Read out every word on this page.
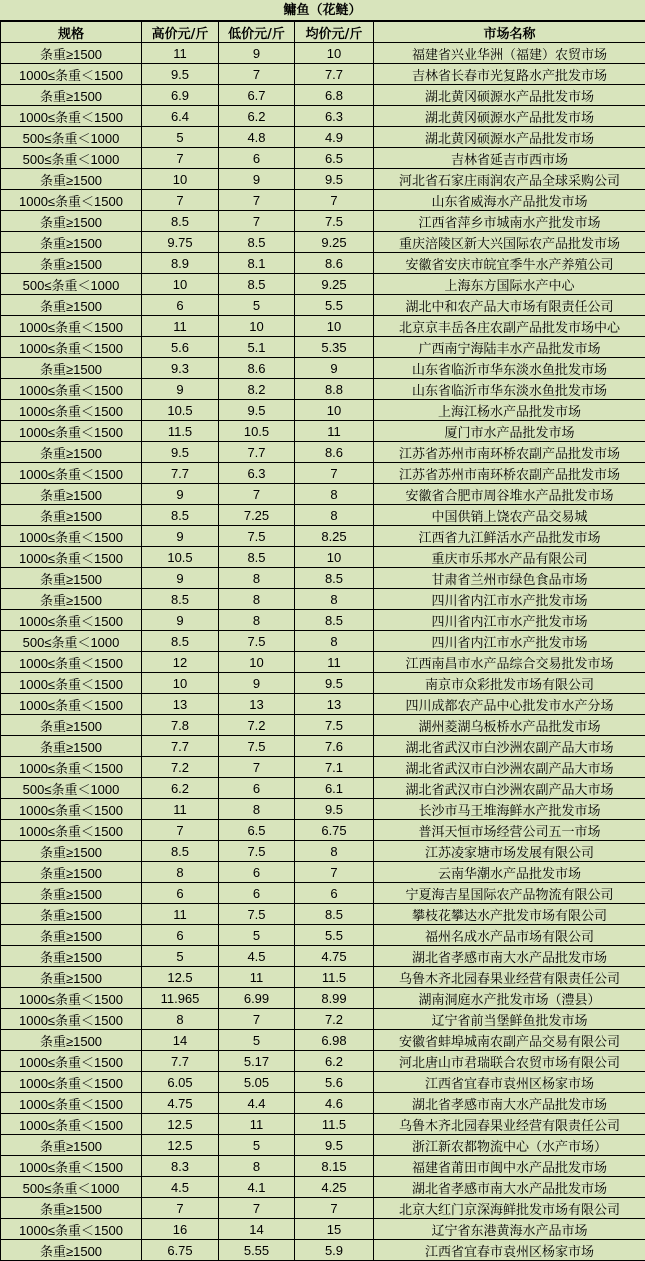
鳙鱼（花鲢）
规格	高价元/斤	低价元/斤	均价元/斤	市场名称
条重≥1500	11	9	10	福建省兴业华洲（福建）农贸市场
1000≤条重＜1500	9.5	7	7.7	吉林省长春市光复路水产批发市场
条重≥1500	6.9	6.7	6.8	湖北黄冈硕源水产品批发市场
1000≤条重＜1500	6.4	6.2	6.3	湖北黄冈硕源水产品批发市场
500≤条重＜1000	5	4.8	4.9	湖北黄冈硕源水产品批发市场
500≤条重＜1000	7	6	6.5	吉林省延吉市西市场
条重≥1500	10	9	9.5	河北省石家庄雨润农产品全球采购公司
1000≤条重＜1500	7	7	7	山东省威海水产品批发市场
条重≥1500	8.5	7	7.5	江西省萍乡市城南水产批发市场
条重≥1500	9.75	8.5	9.25	重庆涪陵区新大兴国际农产品批发市场
条重≥1500	8.9	8.1	8.6	安徽省安庆市皖宜季牛水产养殖公司
500≤条重＜1000	10	8.5	9.25	上海东方国际水产中心
条重≥1500	6	5	5.5	湖北中和农产品大市场有限责任公司
1000≤条重＜1500	11	10	10	北京京丰岳各庄农副产品批发市场中心
1000≤条重＜1500	5.6	5.1	5.35	广西南宁海陆丰水产品批发市场
条重≥1500	9.3	8.6	9	山东省临沂市华东淡水鱼批发市场
1000≤条重＜1500	9	8.2	8.8	山东省临沂市华东淡水鱼批发市场
1000≤条重＜1500	10.5	9.5	10	上海江杨水产品批发市场
1000≤条重＜1500	11.5	10.5	11	厦门市水产品批发市场
条重≥1500	9.5	7.7	8.6	江苏省苏州市南环桥农副产品批发市场
1000≤条重＜1500	7.7	6.3	7	江苏省苏州市南环桥农副产品批发市场
条重≥1500	9	7	8	安徽省合肥市周谷堆水产品批发市场
条重≥1500	8.5	7.25	8	中国供销上饶农产品交易城
1000≤条重＜1500	9	7.5	8.25	江西省九江鲜活水产品批发市场
1000≤条重＜1500	10.5	8.5	10	重庆市乐邦水产品有限公司
条重≥1500	9	8	8.5	甘肃省兰州市绿色食品市场
条重≥1500	8.5	8	8	四川省内江市水产批发市场
1000≤条重＜1500	9	8	8.5	四川省内江市水产批发市场
500≤条重＜1000	8.5	7.5	8	四川省内江市水产批发市场
1000≤条重＜1500	12	10	11	江西南昌市水产品综合交易批发市场
1000≤条重＜1500	10	9	9.5	南京市众彩批发市场有限公司
1000≤条重＜1500	13	13	13	四川成都农产品中心批发市水产分场
条重≥1500	7.8	7.2	7.5	湖州菱湖乌板桥水产品批发市场
条重≥1500	7.7	7.5	7.6	湖北省武汉市白沙洲农副产品大市场
1000≤条重＜1500	7.2	7	7.1	湖北省武汉市白沙洲农副产品大市场
500≤条重＜1000	6.2	6	6.1	湖北省武汉市白沙洲农副产品大市场
1000≤条重＜1500	11	8	9.5	长沙市马王堆海鲜水产批发市场
1000≤条重＜1500	7	6.5	6.75	普洱天恒市场经营公司五一市场
条重≥1500	8.5	7.5	8	江苏凌家塘市场发展有限公司
条重≥1500	8	6	7	云南华潮水产品批发市场
条重≥1500	6	6	6	宁夏海吉星国际农产品物流有限公司
条重≥1500	11	7.5	8.5	攀枝花攀达水产批发市场有限公司
条重≥1500	6	5	5.5	福州名成水产品市场有限公司
条重≥1500	5	4.5	4.75	湖北省孝感市南大水产品批发市场
条重≥1500	12.5	11	11.5	乌鲁木齐北园春果业经营有限责任公司
1000≤条重＜1500	11.965	6.99	8.99	湖南洞庭水产批发市场（澧县）
1000≤条重＜1500	8	7	7.2	辽宁省前当堡鲜鱼批发市场
条重≥1500	14	5	6.98	安徽省蚌埠城南农副产品交易有限公司
1000≤条重＜1500	7.7	5.17	6.2	河北唐山市君瑞联合农贸市场有限公司
1000≤条重＜1500	6.05	5.05	5.6	江西省宜春市袁州区杨家市场
1000≤条重＜1500	4.75	4.4	4.6	湖北省孝感市南大水产品批发市场
1000≤条重＜1500	12.5	11	11.5	乌鲁木齐北园春果业经营有限责任公司
条重≥1500	12.5	5	9.5	浙江新农都物流中心（水产市场）
1000≤条重＜1500	8.3	8	8.15	福建省莆田市闽中水产品批发市场
500≤条重＜1000	4.5	4.1	4.25	湖北省孝感市南大水产品批发市场
条重≥1500	7	7	7	北京大红门京深海鲜批发市场有限公司
1000≤条重＜1500	16	14	15	辽宁省东港黄海水产品市场
条重≥1500	6.75	5.55	5.9	江西省宜春市袁州区杨家市场
